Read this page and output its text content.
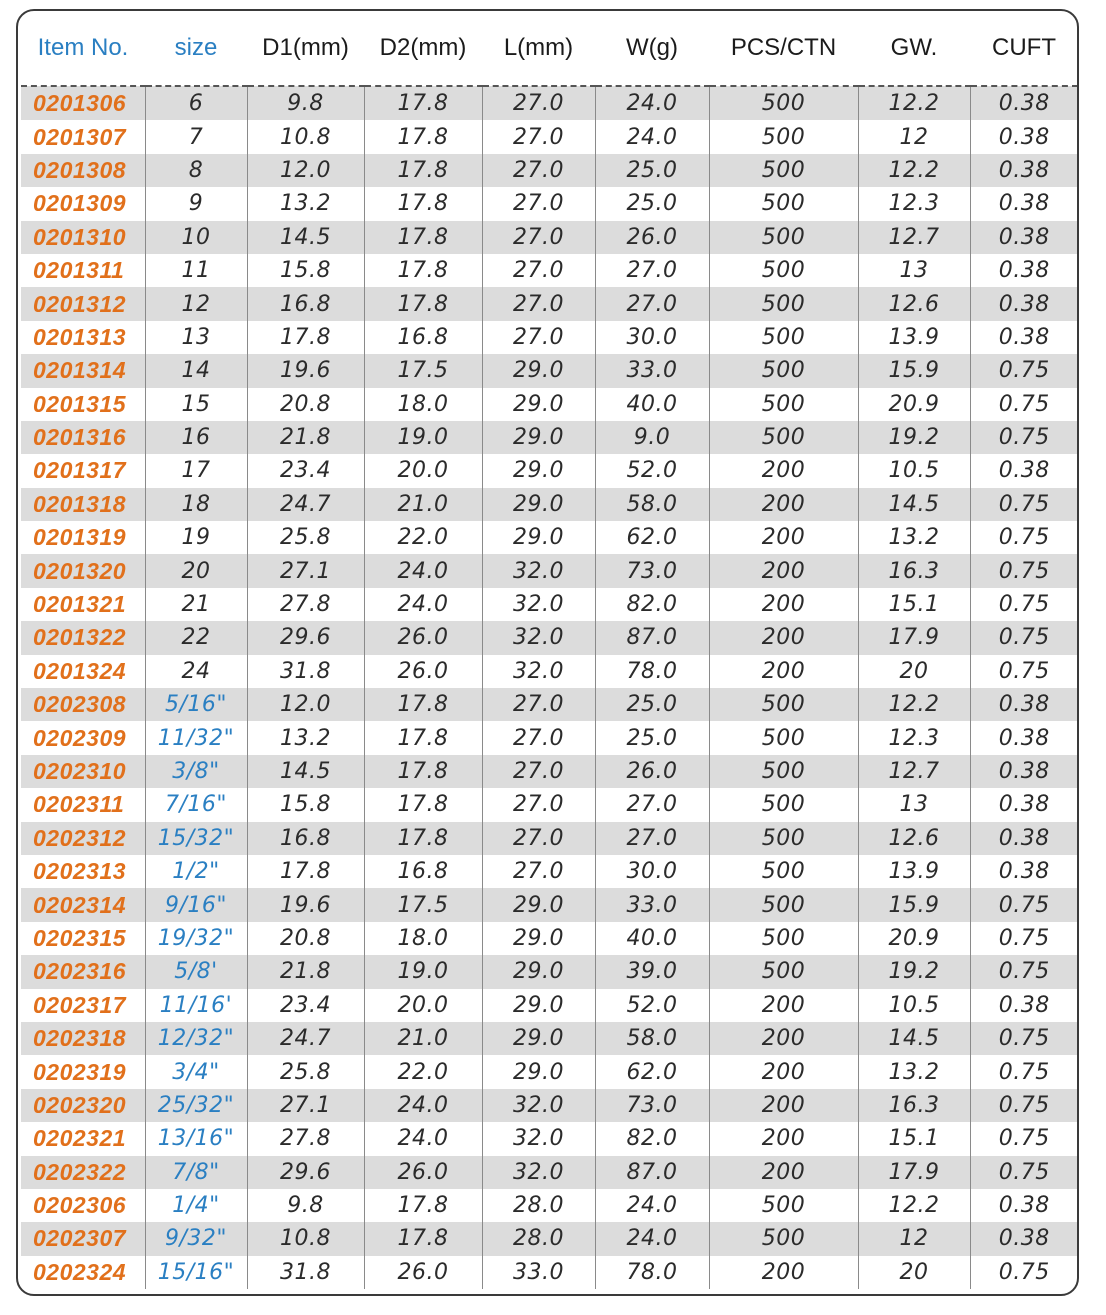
Item No.	size	D1(mm)	D2(mm)	L(mm)	W(g)	PCS/CTN	GW.	CUFT
0201306	6	9.8	17.8	27.0	24.0	500	12.2	0.38
0201307	7	10.8	17.8	27.0	24.0	500	12	0.38
0201308	8	12.0	17.8	27.0	25.0	500	12.2	0.38
0201309	9	13.2	17.8	27.0	25.0	500	12.3	0.38
0201310	10	14.5	17.8	27.0	26.0	500	12.7	0.38
0201311	11	15.8	17.8	27.0	27.0	500	13	0.38
0201312	12	16.8	17.8	27.0	27.0	500	12.6	0.38
0201313	13	17.8	16.8	27.0	30.0	500	13.9	0.38
0201314	14	19.6	17.5	29.0	33.0	500	15.9	0.75
0201315	15	20.8	18.0	29.0	40.0	500	20.9	0.75
0201316	16	21.8	19.0	29.0	9.0	500	19.2	0.75
0201317	17	23.4	20.0	29.0	52.0	200	10.5	0.38
0201318	18	24.7	21.0	29.0	58.0	200	14.5	0.75
0201319	19	25.8	22.0	29.0	62.0	200	13.2	0.75
0201320	20	27.1	24.0	32.0	73.0	200	16.3	0.75
0201321	21	27.8	24.0	32.0	82.0	200	15.1	0.75
0201322	22	29.6	26.0	32.0	87.0	200	17.9	0.75
0201324	24	31.8	26.0	32.0	78.0	200	20	0.75
0202308	5/16"	12.0	17.8	27.0	25.0	500	12.2	0.38
0202309	11/32"	13.2	17.8	27.0	25.0	500	12.3	0.38
0202310	3/8"	14.5	17.8	27.0	26.0	500	12.7	0.38
0202311	7/16"	15.8	17.8	27.0	27.0	500	13	0.38
0202312	15/32"	16.8	17.8	27.0	27.0	500	12.6	0.38
0202313	1/2"	17.8	16.8	27.0	30.0	500	13.9	0.38
0202314	9/16"	19.6	17.5	29.0	33.0	500	15.9	0.75
0202315	19/32"	20.8	18.0	29.0	40.0	500	20.9	0.75
0202316	5/8'	21.8	19.0	29.0	39.0	500	19.2	0.75
0202317	11/16'	23.4	20.0	29.0	52.0	200	10.5	0.38
0202318	12/32"	24.7	21.0	29.0	58.0	200	14.5	0.75
0202319	3/4"	25.8	22.0	29.0	62.0	200	13.2	0.75
0202320	25/32"	27.1	24.0	32.0	73.0	200	16.3	0.75
0202321	13/16"	27.8	24.0	32.0	82.0	200	15.1	0.75
0202322	7/8"	29.6	26.0	32.0	87.0	200	17.9	0.75
0202306	1/4"	9.8	17.8	28.0	24.0	500	12.2	0.38
0202307	9/32"	10.8	17.8	28.0	24.0	500	12	0.38
0202324	15/16"	31.8	26.0	33.0	78.0	200	20	0.75
